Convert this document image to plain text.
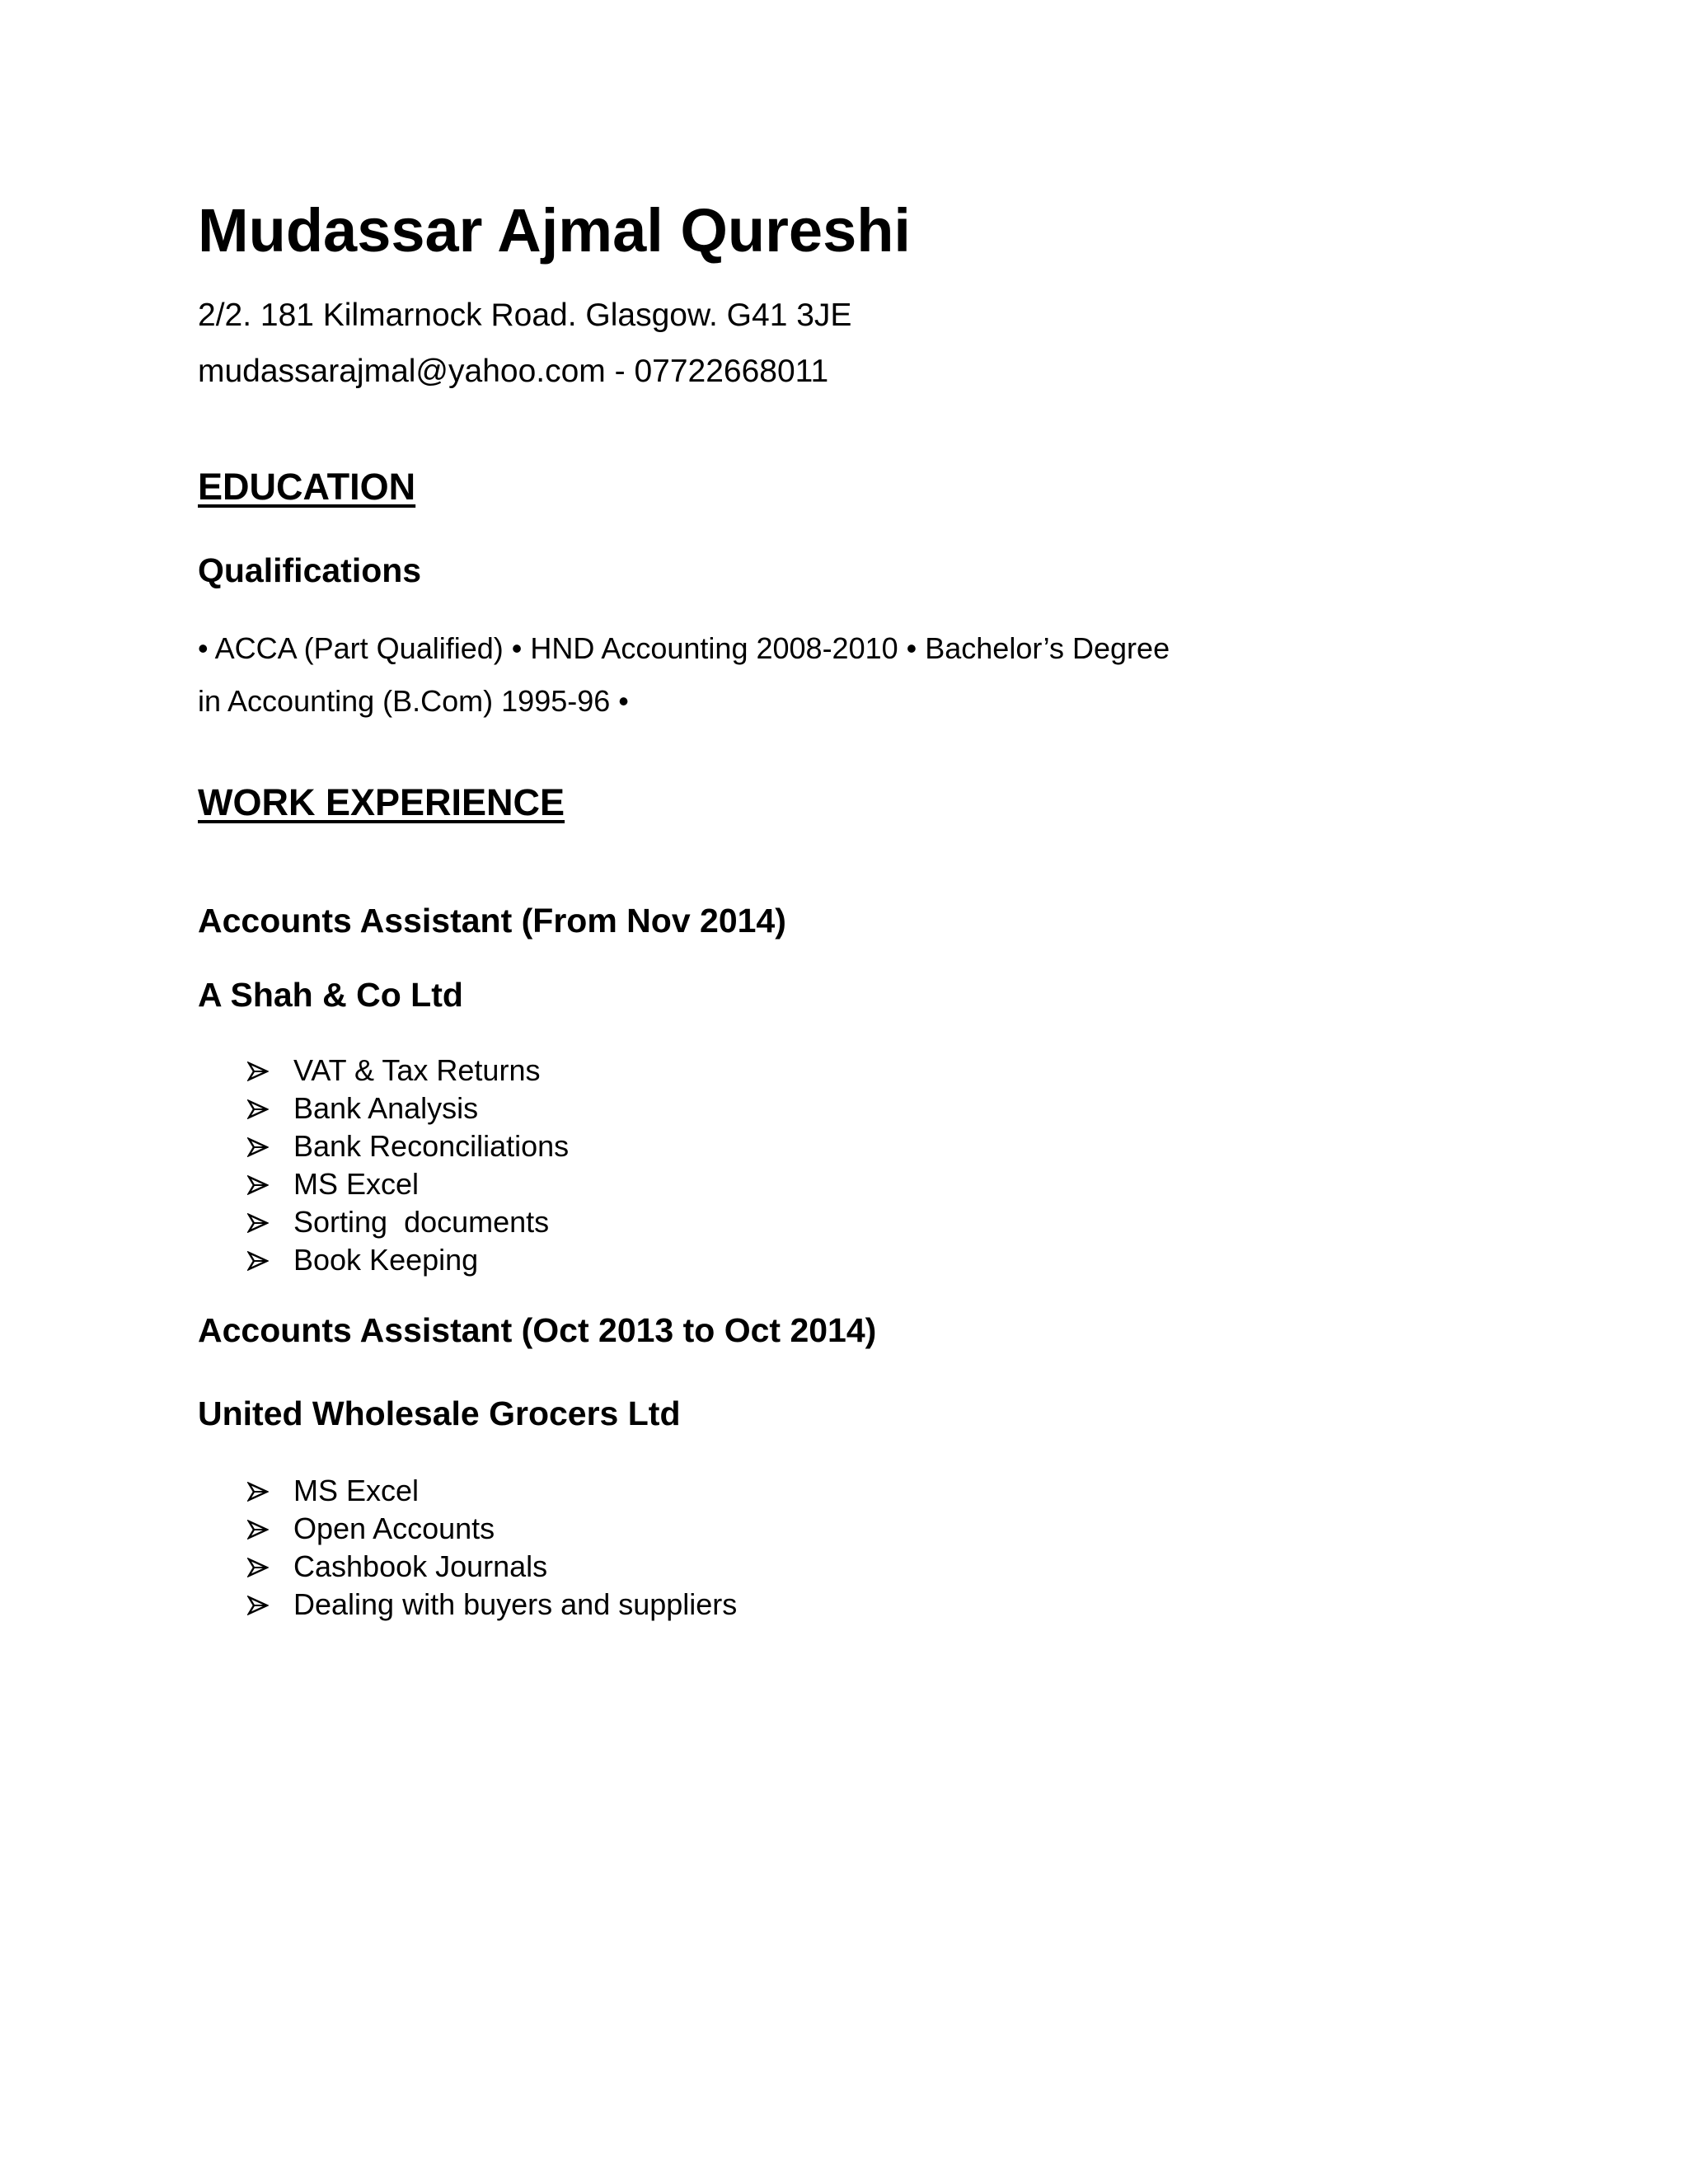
Mudassar Ajmal Qureshi

2/2. 181 Kilmarnock Road. Glasgow. G41 3JE

mudassarajmal@yahoo.com - 07722668011

EDUCATION
Qualifications

• ACCA (Part Qualified) • HND Accounting 2008-2010 • Bachelor’s Degree

in Accounting (B.Com) 1995-96 •

WORK EXPERIENCE
Accounts Assistant (From Nov 2014)
A Shah & Co Ltd
VAT & Tax Returns
Bank Analysis
Bank Reconciliations
MS Excel
Sorting  documents
Book Keeping
Accounts Assistant (Oct 2013 to Oct 2014)
United Wholesale Grocers Ltd
MS Excel
Open Accounts
Cashbook Journals
Dealing with buyers and suppliers
